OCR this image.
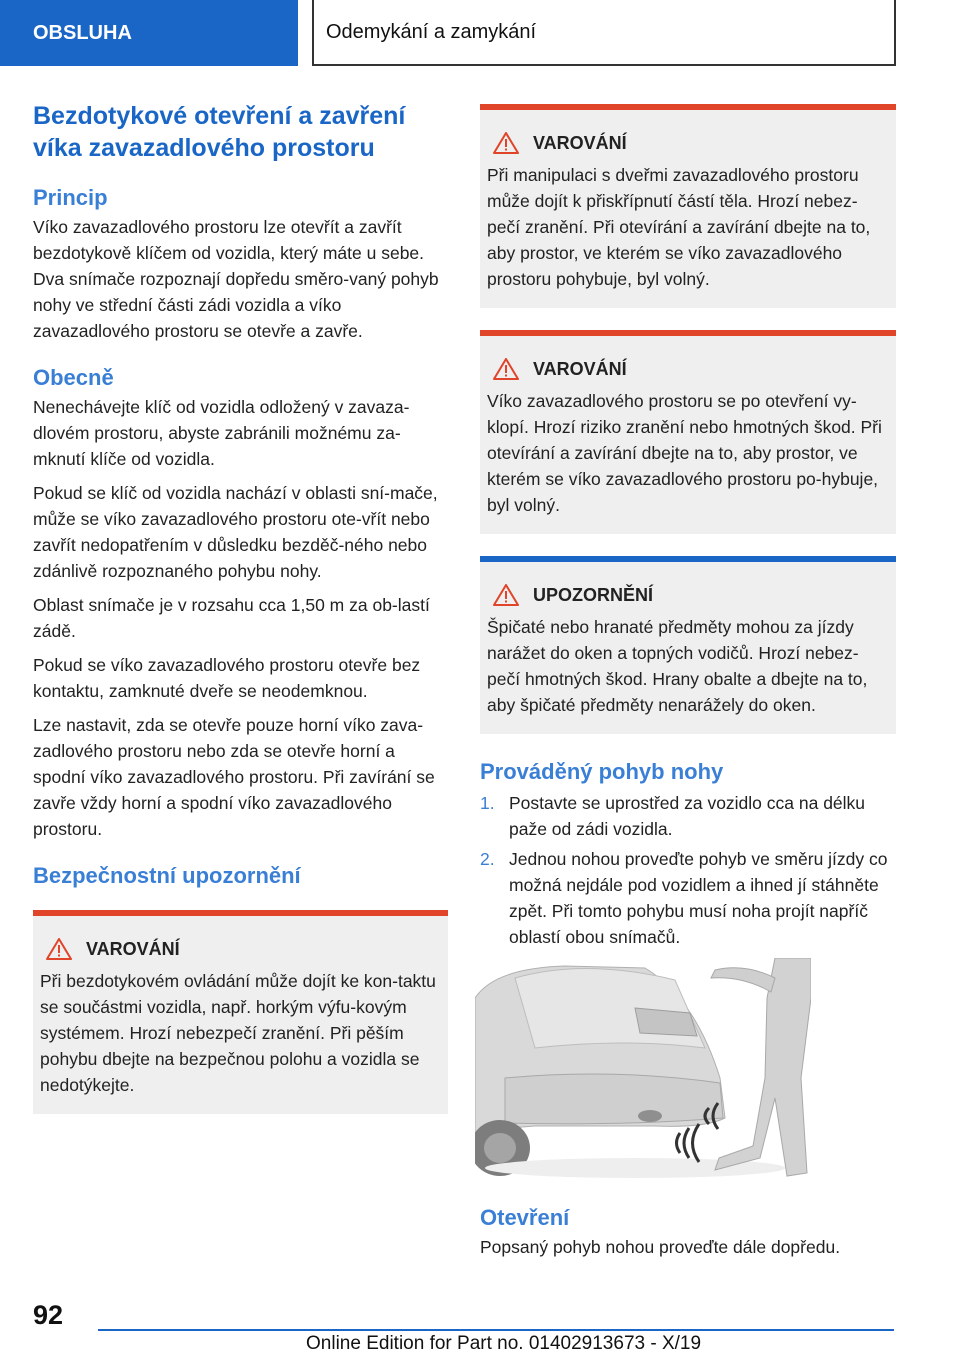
OBSLUHA	Odemykání a zamykání
Bezdotykové otevření a zavření víka zavazadlového prostoru
Princip

Víko zavazadlového prostoru lze otevřít a zavřít bezdotykově klíčem od vozidla, který máte u sebe. Dva snímače rozpoznají dopředu směro-vaný pohyb nohy ve střední části zádi vozidla a víko zavazadlového prostoru se otevře a zavře.

Obecně

Nenechávejte klíč od vozidla odložený v zavaza-dlovém prostoru, abyste zabránili možnému za-mknutí klíče od vozidla.

Pokud se klíč od vozidla nachází v oblasti sní-mače, může se víko zavazadlového prostoru ote-vřít nebo zavřít nedopatřením v důsledku bezděč-ného nebo zdánlivě rozpoznaného pohybu nohy.

Oblast snímače je v rozsahu cca 1,50 m za ob-lastí zádě.

Pokud se víko zavazadlového prostoru otevře bez kontaktu, zamknuté dveře se neodemknou.

Lze nastavit, zda se otevře pouze horní víko zava-zadlového prostoru nebo zda se otevře horní a spodní víko zavazadlového prostoru. Při zavírání se zavře vždy horní a spodní víko zavazadlového prostoru.

Bezpečnostní upozornění
VAROVÁNÍ

Při bezdotykovém ovládání může dojít ke kon-taktu se součástmi vozidla, např. horkým výfu-kovým systémem. Hrozí nebezpečí zranění. Při pěším pohybu dbejte na bezpečnou polohu a vozidla se nedotýkejte.

VAROVÁNÍ

Při manipulaci s dveřmi zavazadlového prostoru může dojít k přiskřípnutí částí těla. Hrozí nebez-pečí zranění. Při otevírání a zavírání dbejte na to, aby prostor, ve kterém se víko zavazadlového prostoru pohybuje, byl volný.

VAROVÁNÍ

Víko zavazadlového prostoru se po otevření vy-klopí. Hrozí riziko zranění nebo hmotných škod. Při otevírání a zavírání dbejte na to, aby prostor, ve kterém se víko zavazadlového prostoru po-hybuje, byl volný.

UPOZORNĚNÍ

Špičaté nebo hranaté předměty mohou za jízdy narážet do oken a topných vodičů. Hrozí nebez-pečí hmotných škod. Hrany obalte a dbejte na to, aby špičaté předměty nenarážely do oken.

Prováděný pohyb nohy
1. Postavte se uprostřed za vozidlo cca na délku paže od zádi vozidla.
2. Jednou nohou proveďte pohyb ve směru jízdy co možná nejdále pod vozidlem a ihned jí stáhněte zpět. Při tomto pohybu musí noha projít napříč oblastí obou snímačů.
Otevření

Popsaný pohyb nohou proveďte dále dopředu.

92
Online Edition for Part no. 01402913673 - X/19
